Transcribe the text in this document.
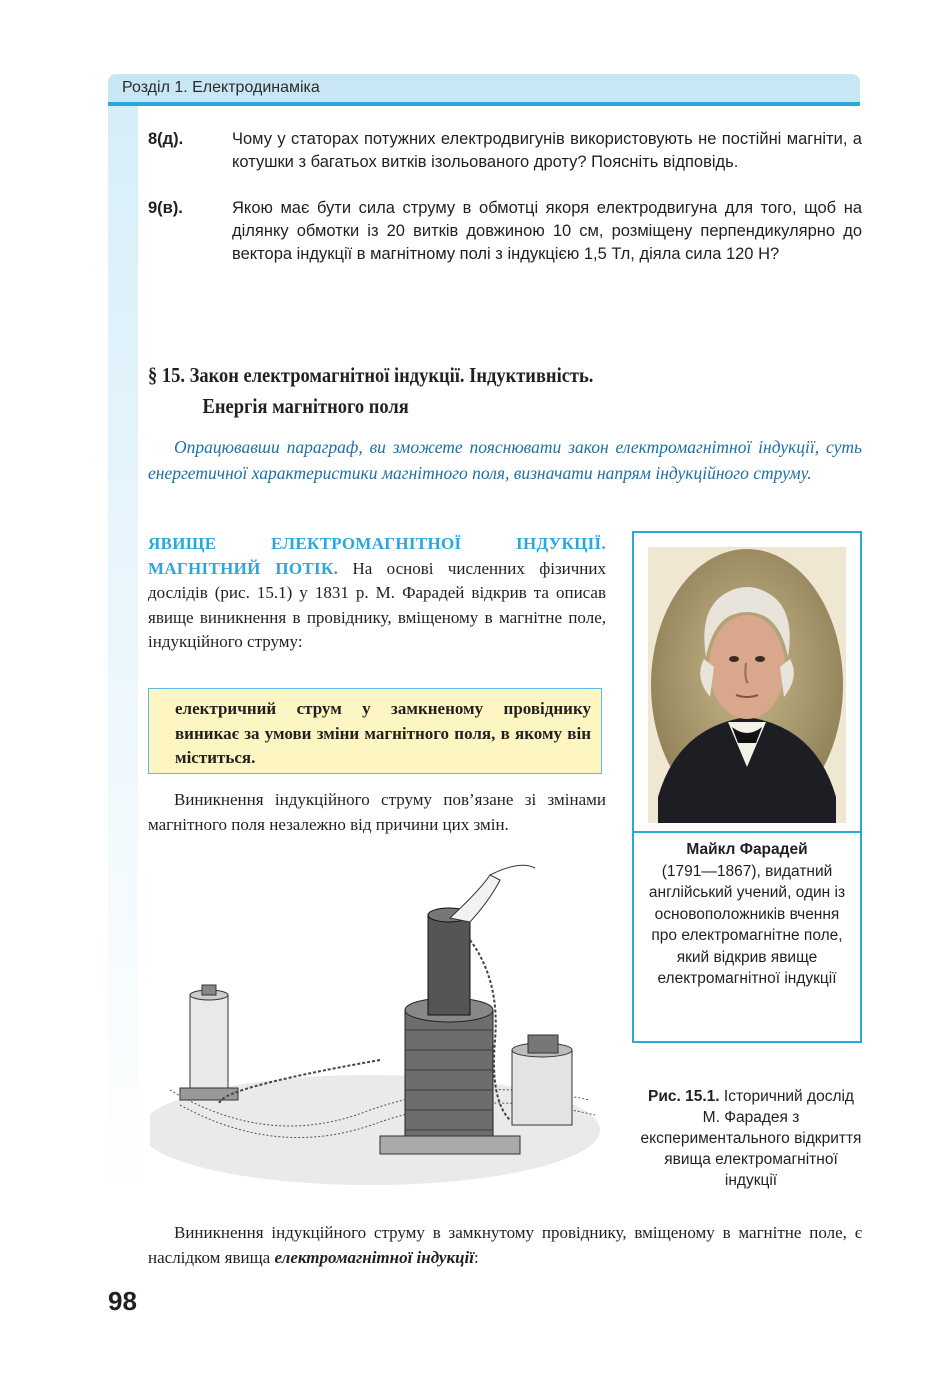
Розділ 1. Електродинаміка
8(д).	Чому у статорах потужних електродвигунів використовують не постійні магніти, а котушки з багатьох витків ізольованого дроту? Поясніть відповідь.
9(в).	Якою має бути сила струму в обмотці якоря електродвигуна для того, щоб на ділянку обмотки із 20 витків довжиною 10 см, розміщену перпендикулярно до вектора індукції в магнітному полі з індукцією 1,5 Тл, діяла сила 120 Н?
§ 15. Закон електромагнітної індукції. Індуктивність.
Енергія магнітного поля
Опрацювавши параграф, ви зможете пояснювати закон електромагнітної індукції, суть енергетичної характеристики магнітного поля, визначати напрям індукційного струму.
ЯВИЩЕ ЕЛЕКТРОМАГНІТНОЇ ІНДУКЦІЇ. МАГНІТНИЙ ПОТІК. На основі численних фізичних дослідів (рис. 15.1) у 1831 р. М. Фарадей відкрив та описав явище виникнення в провіднику, вміщеному в магнітне поле, індукційного струму:
електричний струм у замкненому провіднику виникає за умови зміни магнітного поля, в якому він міститься.
Виникнення індукційного струму пов’язане зі змінами магнітного поля незалежно від причини цих змін.
Майкл Фарадей
(1791—1867), видатний англійський учений, один із основоположників вчення про електромагнітне поле, який відкрив явище електромагнітної індукції
Рис. 15.1. Історичний дослід М. Фарадея з експериментального відкриття явища електромагнітної індукції
Виникнення індукційного струму в замкнутому провіднику, вміщеному в магнітне поле, є наслідком явища електромагнітної індукції:
98
